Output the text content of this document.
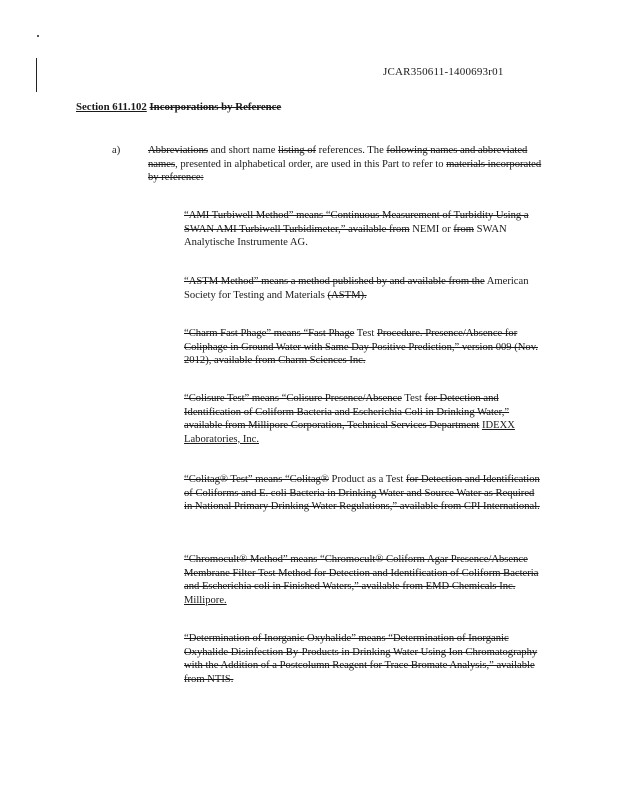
JCAR350611-1400693r01
Section 611.102 Incorporations by Reference
a)	Abbreviations and short name listing of references. The following names and abbreviated names, presented in alphabetical order, are used in this Part to refer to materials incorporated by reference:
“AMI Turbiwell Method” means “Continuous Measurement of Turbidity Using a SWAN AMI Turbiwell Turbidimeter,” available from NEMI or from SWAN Analytische Instrumente AG.
“ASTM Method” means a method published by and available from the American Society for Testing and Materials (ASTM).
“Charm Fast Phage” means “Fast Phage Test Procedure. Presence/Absence for Coliphage in Ground Water with Same Day Positive Prediction,” version 009 (Nov. 2012), available from Charm Sciences Inc.
“Colisure Test” means “Colisure Presence/Absence Test for Detection and Identification of Coliform Bacteria and Escherichia Coli in Drinking Water,” available from Millipore Corporation, Technical Services Department IDEXX Laboratories, Inc.
“Colitag® Test” means “Colitag® Product as a Test for Detection and Identification of Coliforms and E. coli Bacteria in Drinking Water and Source Water as Required in National Primary Drinking Water Regulations,” available from CPI International.
“Chromocult® Method” means “Chromocult® Coliform Agar Presence/Absence Membrane Filter Test Method for Detection and Identification of Coliform Bacteria and Escherichia coli in Finished Waters,” available from EMD Chemicals Inc. Millipore.
“Determination of Inorganic Oxyhalide” means “Determination of Inorganic Oxyhalide Disinfection By-Products in Drinking Water Using Ion Chromatography with the Addition of a Postcolumn Reagent for Trace Bromate Analysis,” available from NTIS.
